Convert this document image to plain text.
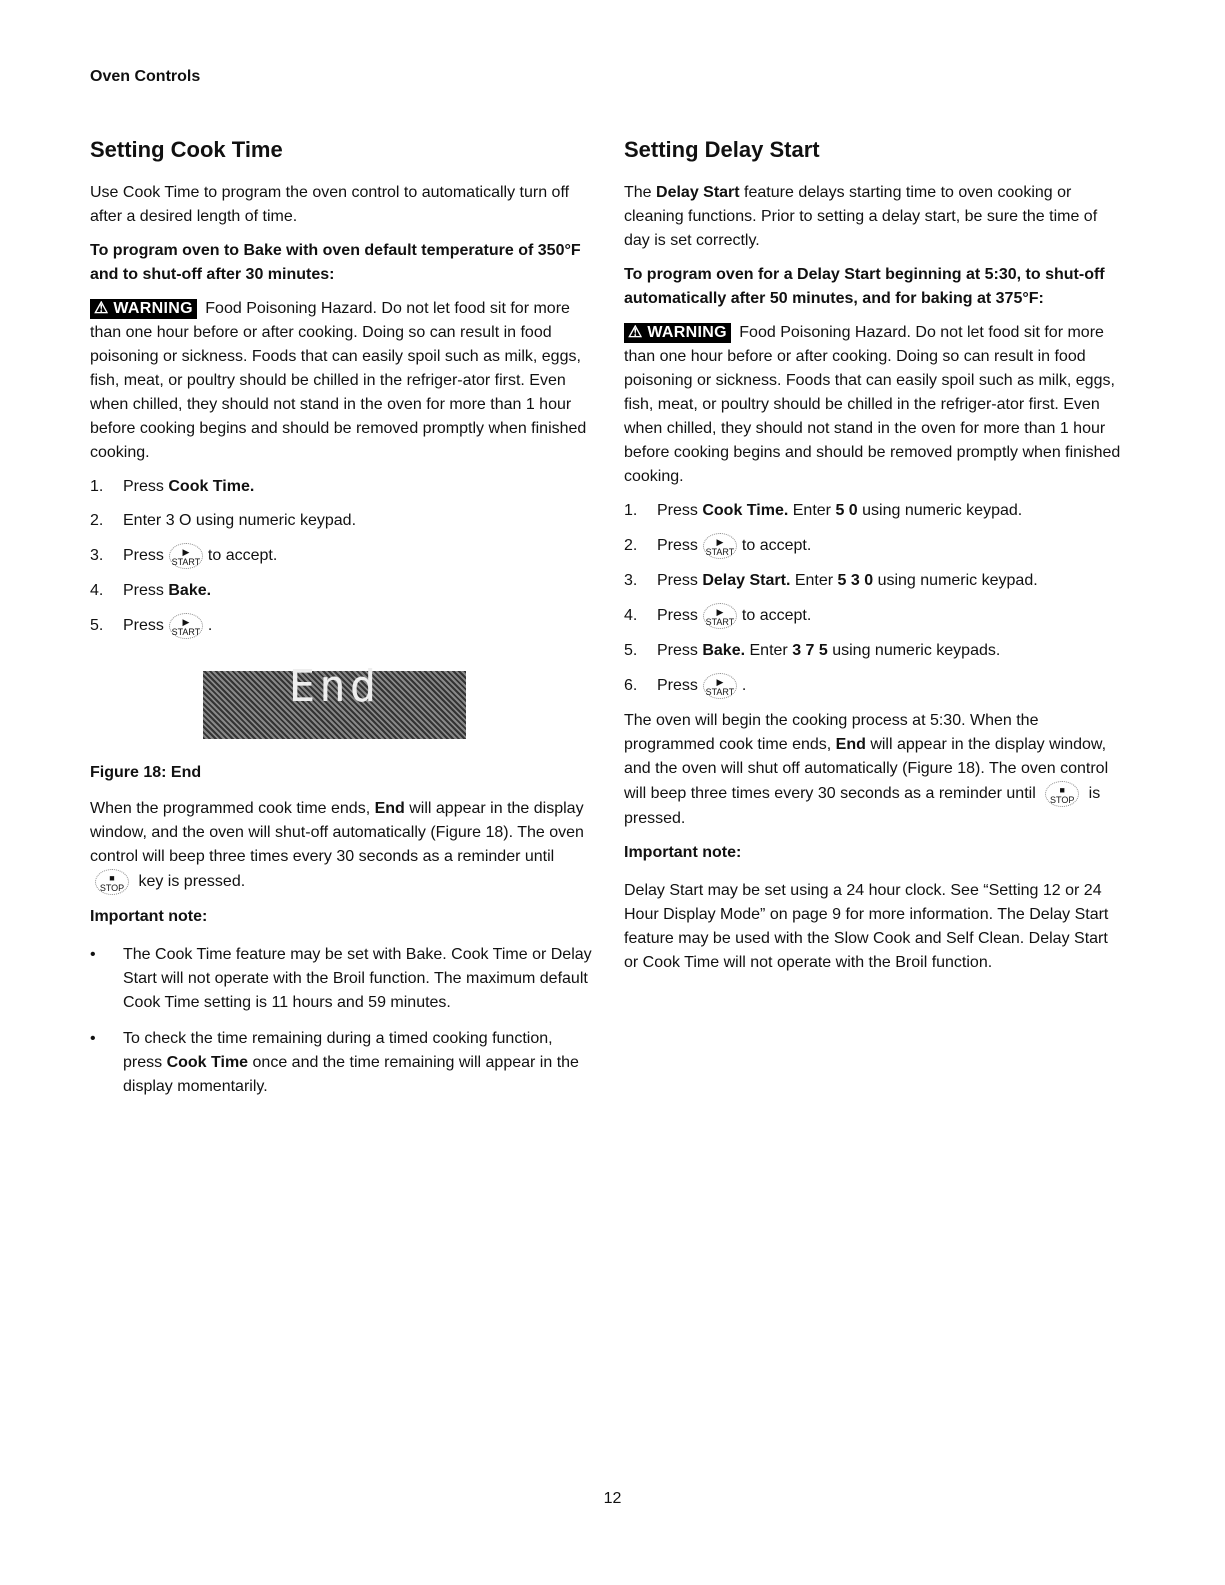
Oven Controls
Setting Cook Time

Use Cook Time to program the oven control to automatically turn off after a desired length of time.

To program oven to Bake with oven default temperature of 350°F and to shut-off after 30 minutes:

⚠ WARNING Food Poisoning Hazard. Do not let food sit for more than one hour before or after cooking. Doing so can result in food poisoning or sickness. Foods that can easily spoil such as milk, eggs, fish, meat, or poultry should be chilled in the refriger-ator first. Even when chilled, they should not stand in the oven for more than 1 hour before cooking begins and should be removed promptly when finished cooking.

1.	Press
Cook Time.
2.	Enter 3 O using numeric keypad.
3.	Press	▶
START to accept.
4.	Press
Bake.
5.	Press	▶
START .
End

Figure 18: End

When the programmed cook time ends, End will appear in the display window, and the oven will shut-off automatically (Figure 18). The oven control will beep three times every 30 seconds as a reminder until
■
STOP key is pressed.

Important note:

•	The Cook Time feature may be set with Bake. Cook Time or Delay Start will not operate with the Broil function. The maximum default Cook Time setting is 11 hours and 59 minutes.
•	To check the time remaining during a timed cooking function, press Cook Time once and the time remaining will appear in the display momentarily.
Setting Delay Start

The Delay Start feature delays starting time to oven cooking or cleaning functions. Prior to setting a delay start, be sure the time of day is set correctly.

To program oven for a Delay Start beginning at 5:30, to shut-off automatically after 50 minutes, and for baking at 375°F:

⚠ WARNING Food Poisoning Hazard. Do not let food sit for more than one hour before or after cooking. Doing so can result in food poisoning or sickness. Foods that can easily spoil such as milk, eggs, fish, meat, or poultry should be chilled in the refriger-ator first. Even when chilled, they should not stand in the oven for more than 1 hour before cooking begins and should be removed promptly when finished cooking.

1.	Press Cook Time. Enter 5 0 using numeric keypad.
2.	Press	▶
START to accept.
3.	Press Delay Start. Enter 5 3 0 using numeric keypad.
4.	Press	▶
START to accept.
5.	Press Bake. Enter 3 7 5 using numeric keypads.
6.	Press	▶
START .

The oven will begin the cooking process at 5:30. When the programmed cook time ends, End will appear in the display window, and the oven will shut off automatically (Figure 18). The oven control will beep three times every 30 seconds as a reminder until	■
STOP is pressed.

Important note:

Delay Start may be set using a 24 hour clock. See “Setting 12 or 24 Hour Display Mode” on page 9 for more information. The Delay Start feature may be used with the Slow Cook and Self Clean. Delay Start or Cook Time will not operate with the Broil function.

12
